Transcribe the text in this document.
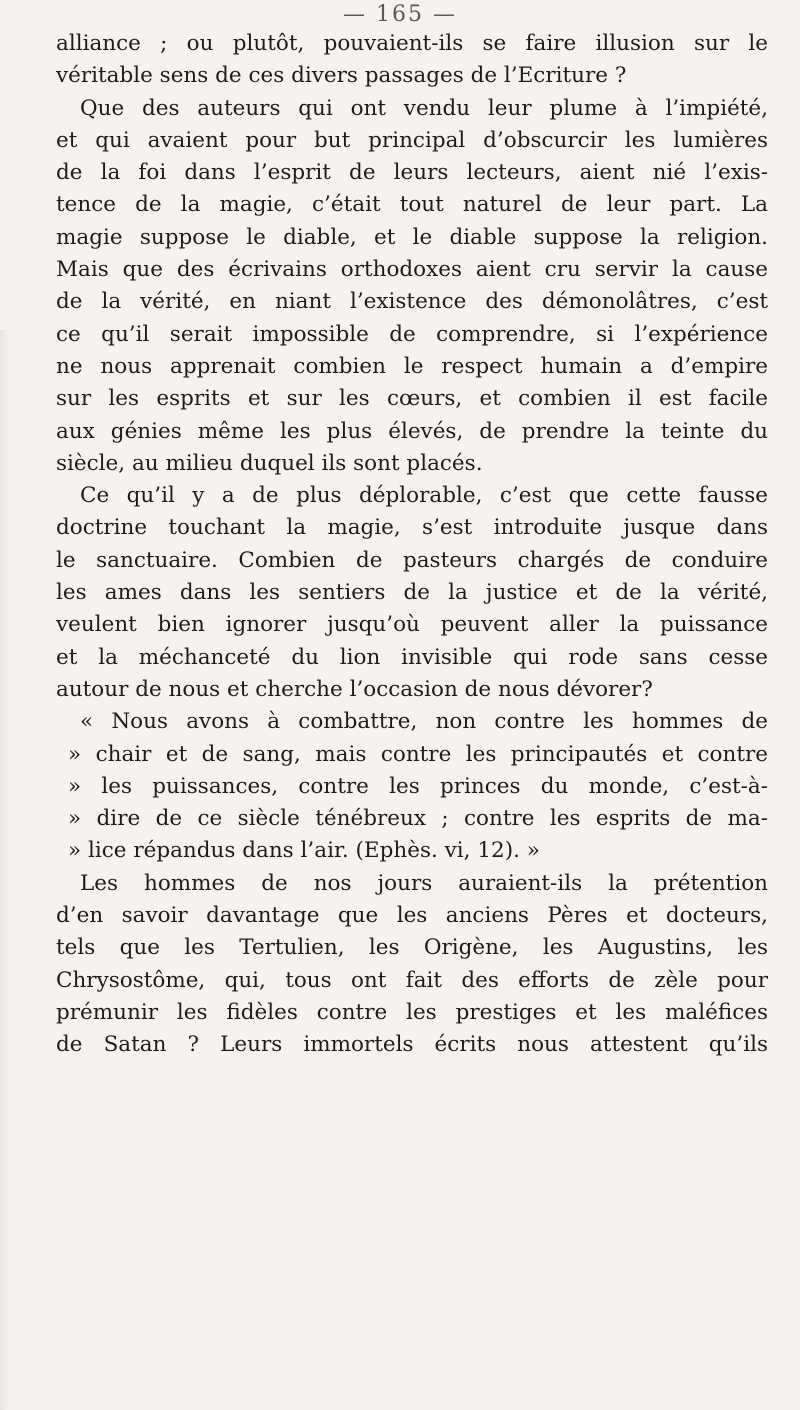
— 165 —
alliance ; ou plutôt, pouvaient-ils se faire illusion sur le
véritable sens de ces divers passages de l’Ecriture ?
Que des auteurs qui ont vendu leur plume à l’impiété,
et qui avaient pour but principal d’obscurcir les lumières
de la foi dans l’esprit de leurs lecteurs, aient nié l’exis-
tence de la magie, c’était tout naturel de leur part. La
magie suppose le diable, et le diable suppose la religion.
Mais que des écrivains orthodoxes aient cru servir la cause
de la vérité, en niant l’existence des démonolâtres, c’est
ce qu’il serait impossible de comprendre, si l’expérience
ne nous apprenait combien le respect humain a d’empire
sur les esprits et sur les cœurs, et combien il est facile
aux génies même les plus élevés, de prendre la teinte du
siècle, au milieu duquel ils sont placés.
Ce qu’il y a de plus déplorable, c’est que cette fausse
doctrine touchant la magie, s’est introduite jusque dans
le sanctuaire. Combien de pasteurs chargés de conduire
les ames dans les sentiers de la justice et de la vérité,
veulent bien ignorer jusqu’où peuvent aller la puissance
et la méchanceté du lion invisible qui rode sans cesse
autour de nous et cherche l’occasion de nous dévorer?
« Nous avons à combattre, non contre les hommes de
» chair et de sang, mais contre les principautés et contre
» les puissances, contre les princes du monde, c’est-à-
» dire de ce siècle ténébreux ; contre les esprits de ma-
» lice répandus dans l’air. (Ephès. vi, 12). »
Les hommes de nos jours auraient-ils la prétention
d’en savoir davantage que les anciens Pères et docteurs,
tels que les Tertulien, les Origène, les Augustins, les
Chrysostôme, qui, tous ont fait des efforts de zèle pour
prémunir les fidèles contre les prestiges et les maléfices
de Satan ? Leurs immortels écrits nous attestent qu’ils
